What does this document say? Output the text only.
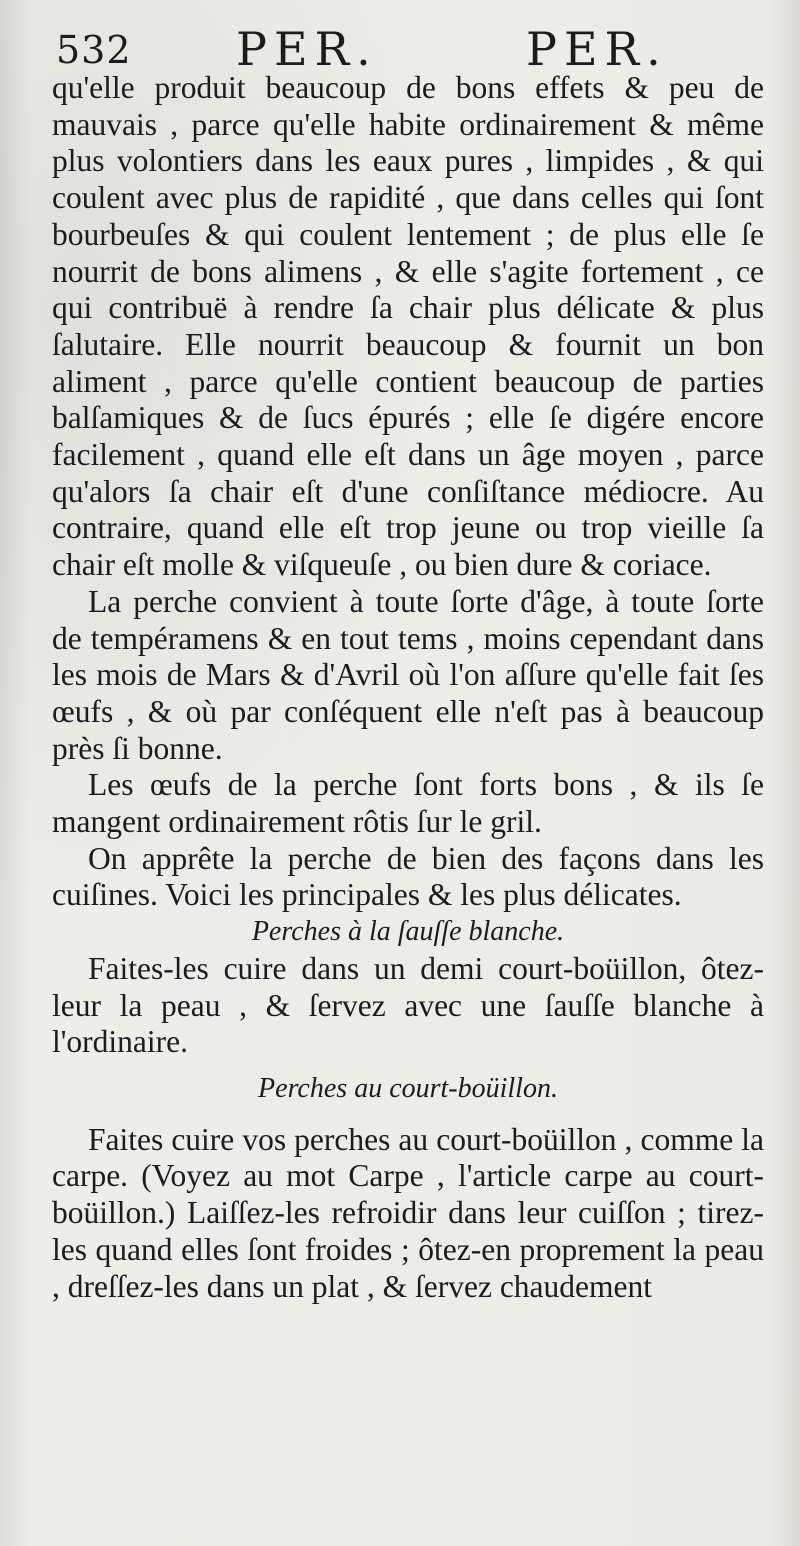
532 PER.	PER.

qu'elle produit beaucoup de bons effets & peu de mauvais , parce qu'elle habite ordinairement & même plus volontiers dans les eaux pures , limpides , & qui coulent avec plus de rapidité , que dans celles qui ſont bourbeuſes & qui coulent lentement ; de plus elle ſe nourrit de bons alimens , & elle s'agite fortement , ce qui contribuë à rendre ſa chair plus délicate & plus ſalutaire. Elle nourrit beaucoup & fournit un bon aliment , parce qu'elle contient beaucoup de parties balſamiques & de ſucs épurés ; elle ſe digére encore facilement , quand elle eſt dans un âge moyen , parce qu'alors ſa chair eſt d'une conſiſtance médiocre. Au contraire, quand elle eſt trop jeune ou trop vieille ſa chair eſt molle & viſqueuſe , ou bien dure & coriace.

La perche convient à toute ſorte d'âge, à toute ſorte de tempéramens & en tout tems , moins cependant dans les mois de Mars & d'Avril où l'on aſſure qu'elle fait ſes œufs , & où par conſéquent elle n'eſt pas à beaucoup près ſi bonne.

Les œufs de la perche ſont forts bons , & ils ſe mangent ordinairement rôtis ſur le gril.

On apprête la perche de bien des façons dans les cuiſines. Voici les principales & les plus délicates.

Perches à la ſauſſe blanche.

Faites-les cuire dans un demi court-boüillon, ôtez-leur la peau , & ſervez avec une ſauſſe blanche à l'ordinaire.

Perches au court-boüillon.

Faites cuire vos perches au court-boüillon , comme la carpe. (Voyez au mot Carpe , l'article carpe au court-boüillon.) Laiſſez-les refroidir dans leur cuiſſon ; tirez-les quand elles ſont froides ; ôtez-en proprement la peau , dreſſez-les dans un plat , & ſervez chaudement
